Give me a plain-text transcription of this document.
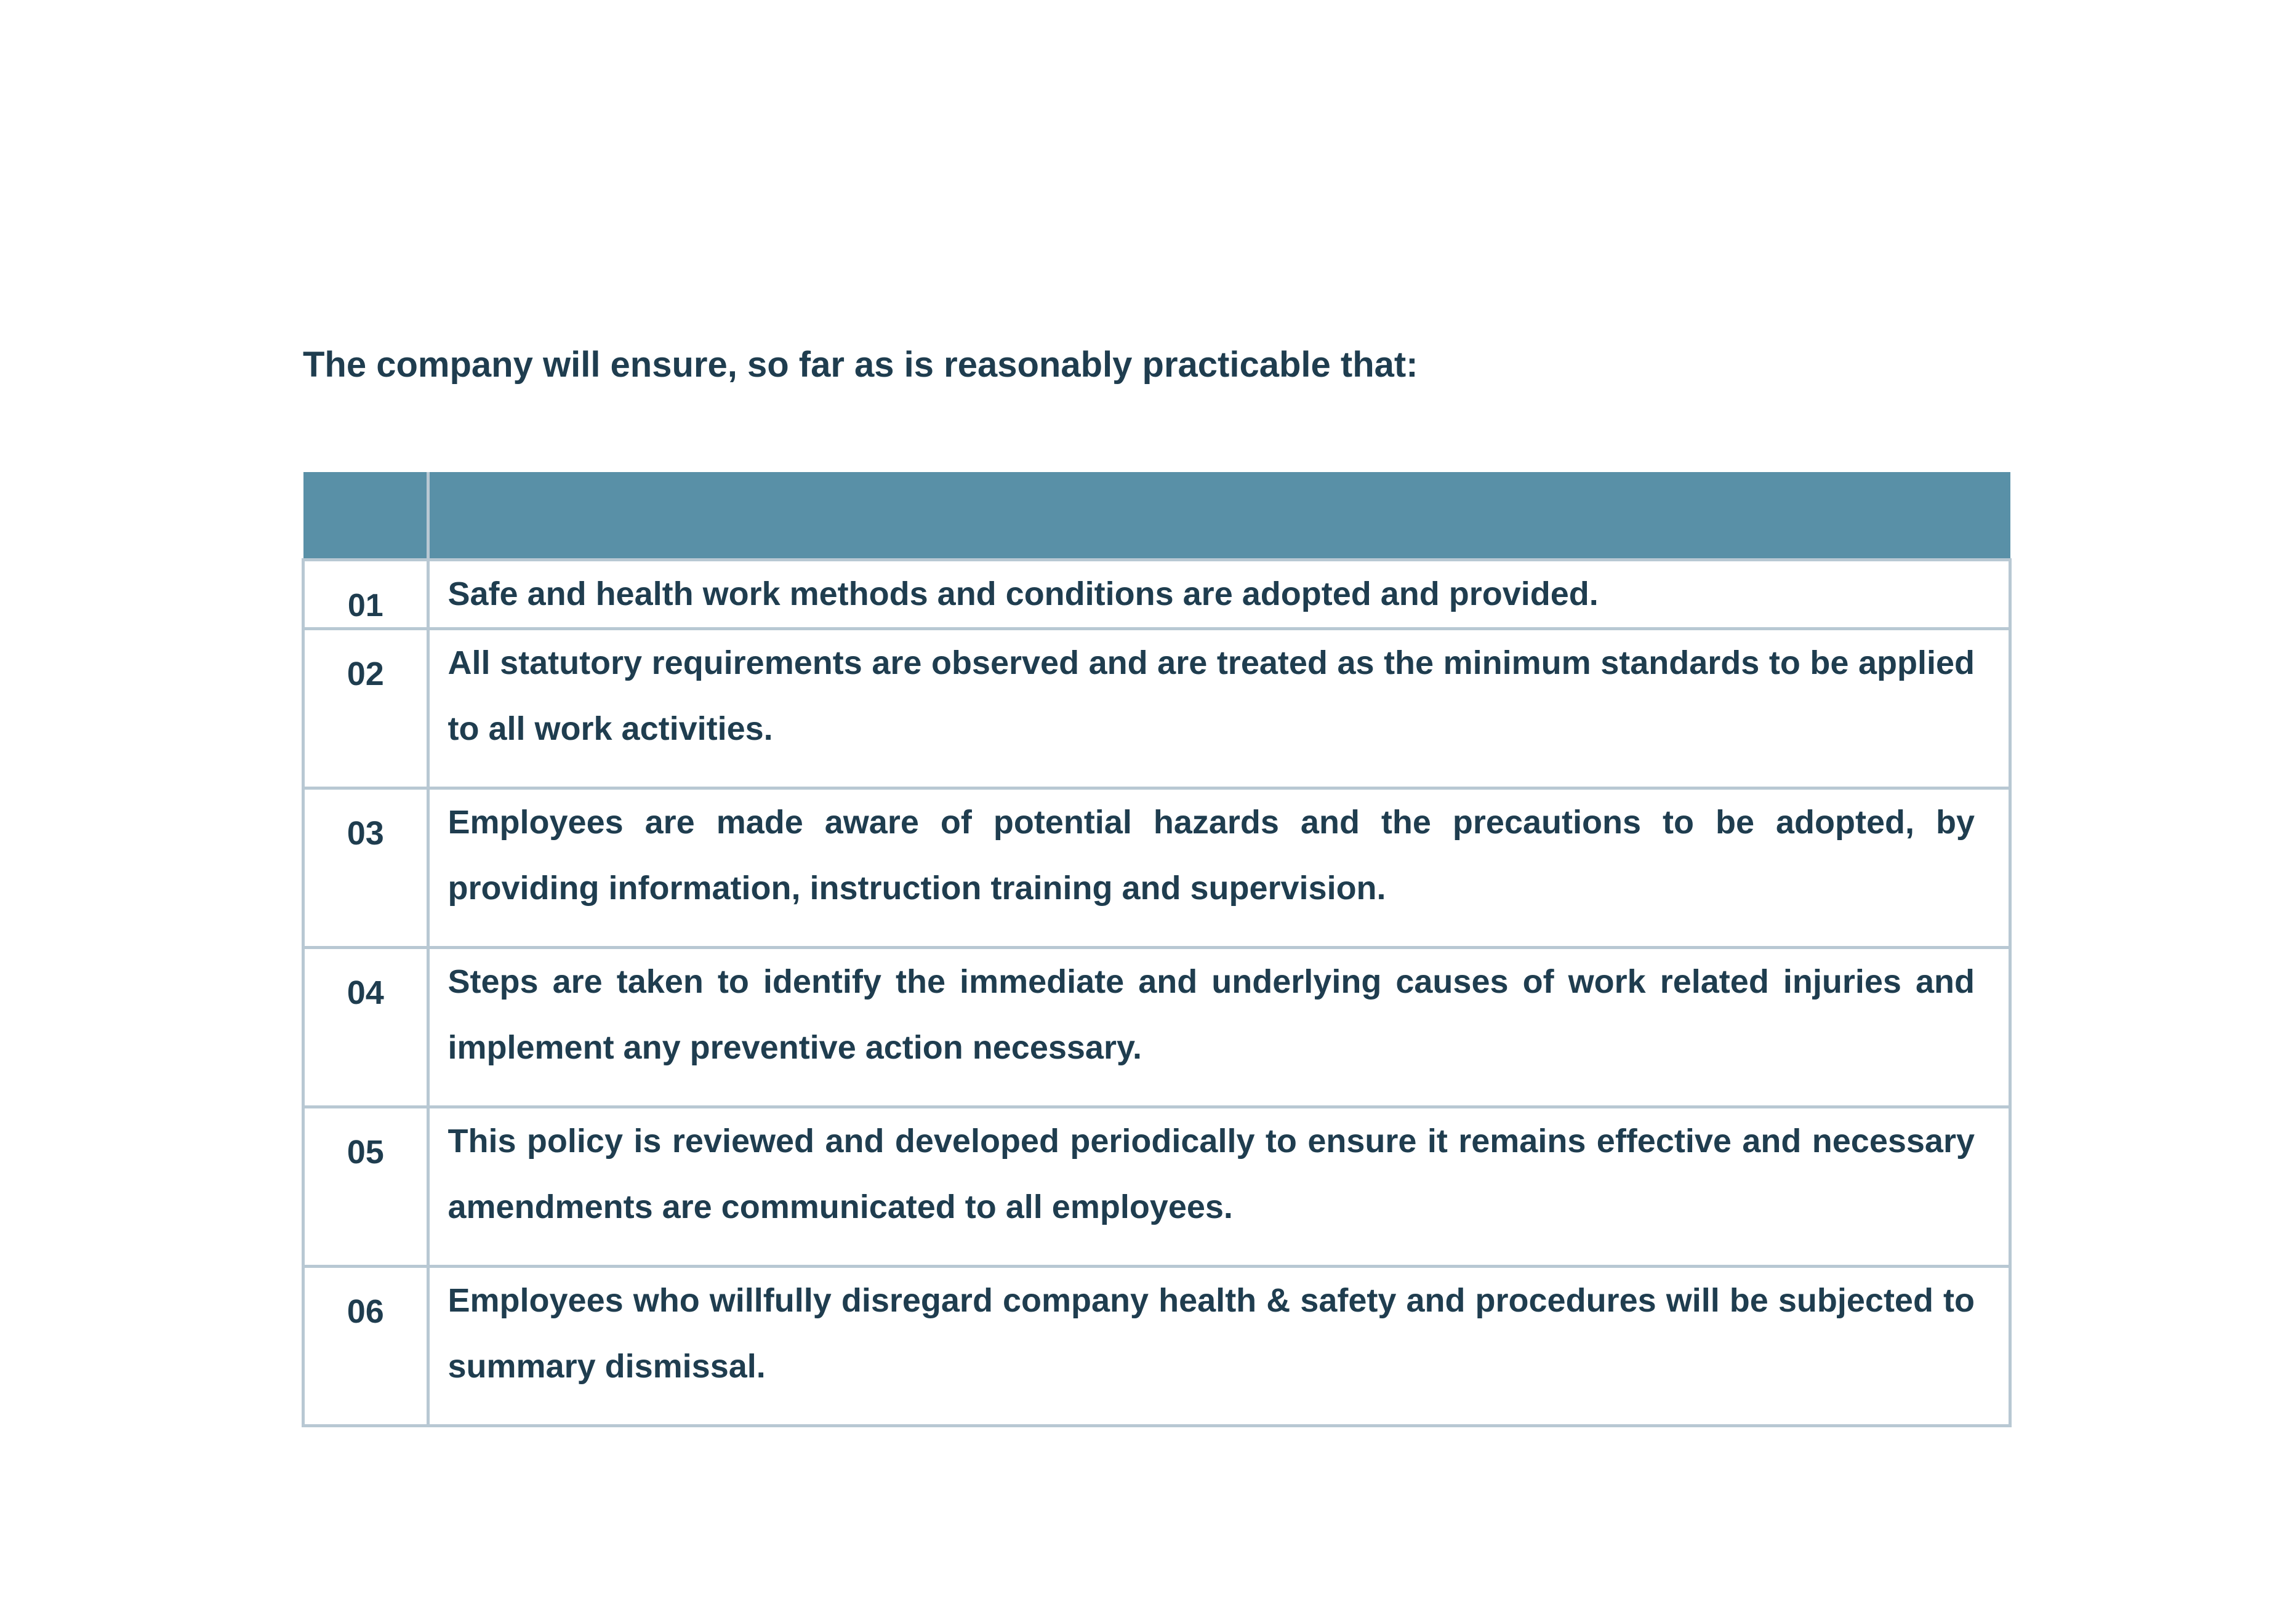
The company will ensure, so far as is reasonably practicable that:

01	Safe and health work methods and conditions are adopted and provided.
02	All statutory requirements are observed and are treated as the minimum standards to be applied to all work activities.
03	Employees are made aware of potential hazards and the precautions to be adopted, by providing information, instruction training and supervision.
04	Steps are taken to identify the immediate and underlying causes of work related injuries and implement any preventive action necessary.
05	This policy is reviewed and developed periodically to ensure it remains effective and necessary amendments are communicated to all employees.
06	Employees who willfully disregard company health & safety and procedures will be subjected to summary dismissal.
